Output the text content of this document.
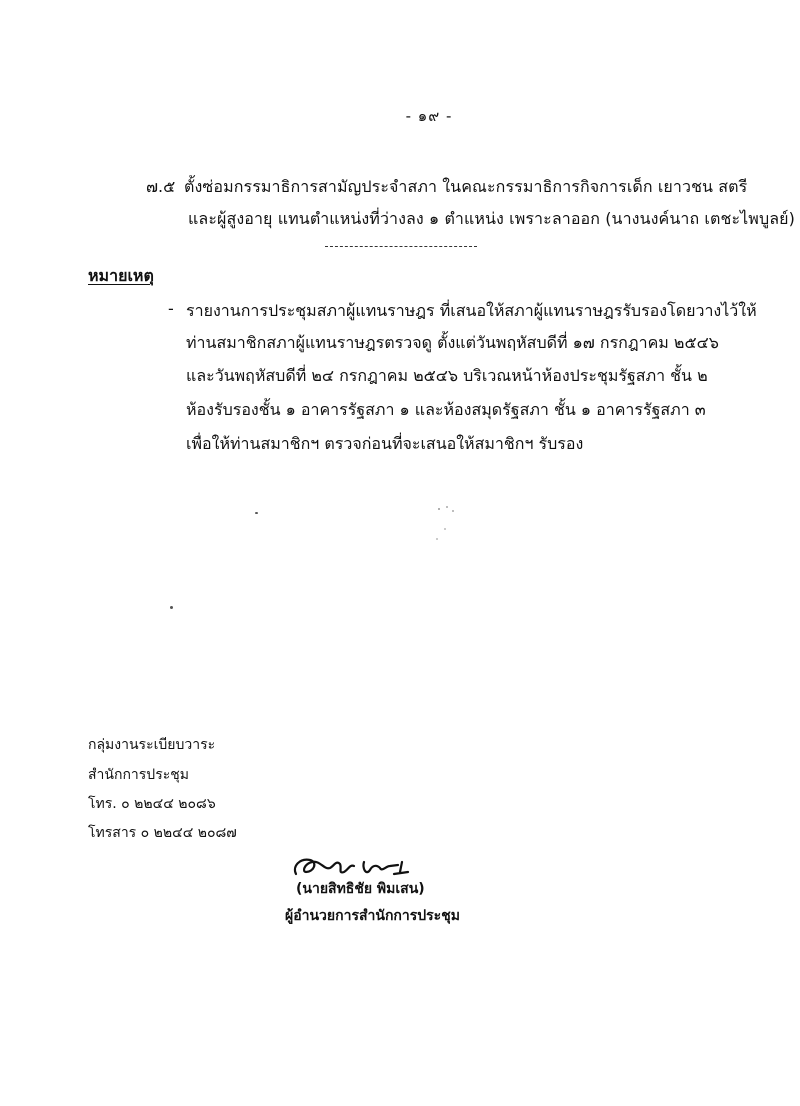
- ๑๙ -
๗.๕ ตั้งซ่อมกรรมาธิการสามัญประจำสภา ในคณะกรรมาธิการกิจการเด็ก เยาวชน สตรี
และผู้สูงอายุ แทนตำแหน่งที่ว่างลง ๑ ตำแหน่ง เพราะลาออก (นางนงค์นาถ เตชะไพบูลย์)
หมายเหตุ
- รายงานการประชุมสภาผู้แทนราษฎร ที่เสนอให้สภาผู้แทนราษฎรรับรองโดยวางไว้ให้
ท่านสมาชิกสภาผู้แทนราษฎรตรวจดู ตั้งแต่วันพฤหัสบดีที่ ๑๗ กรกฎาคม ๒๕๔๖
และวันพฤหัสบดีที่ ๒๔ กรกฎาคม ๒๕๔๖ บริเวณหน้าห้องประชุมรัฐสภา ชั้น ๒
ห้องรับรองชั้น ๑ อาคารรัฐสภา ๑ และห้องสมุดรัฐสภา ชั้น ๑ อาคารรัฐสภา ๓
เพื่อให้ท่านสมาชิกฯ ตรวจก่อนที่จะเสนอให้สมาชิกฯ รับรอง
กลุ่มงานระเบียบวาระ
สำนักการประชุม
โทร. ๐ ๒๒๔๔ ๒๐๘๖
โทรสาร ๐ ๒๒๔๔ ๒๐๘๗
(นายสิทธิชัย พิมเสน)
ผู้อำนวยการสำนักการประชุม
